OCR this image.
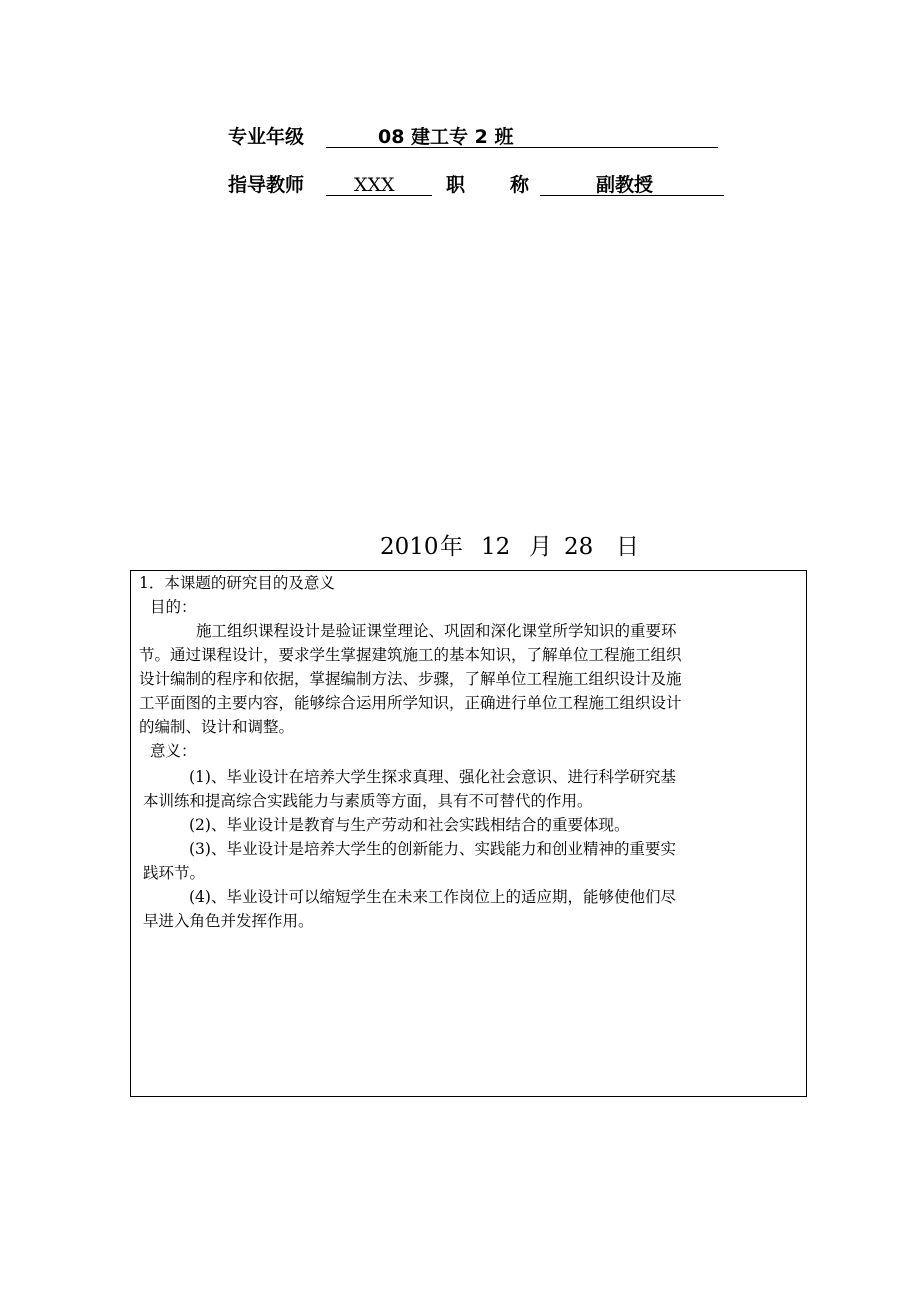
专业年级	08 建工专 2 班
指导教师	XXX	职 称	副教授
2010 年 12 月 28 日
1．本课题的研究目的及意义
目的：
施工组织课程设计是验证课堂理论、巩固和深化课堂所学知识的重要环
节。通过课程设计，要求学生掌握建筑施工的基本知识，了解单位工程施工组织
设计编制的程序和依据，掌握编制方法、步骤，了解单位工程施工组织设计及施
工平面图的主要内容，能够综合运用所学知识，正确进行单位工程施工组织设计
的编制、设计和调整。
意义：
(1)、毕业设计在培养大学生探求真理、强化社会意识、进行科学研究基
本训练和提高综合实践能力与素质等方面，具有不可替代的作用。
(2)、毕业设计是教育与生产劳动和社会实践相结合的重要体现。
(3)、毕业设计是培养大学生的创新能力、实践能力和创业精神的重要实
践环节。
(4)、毕业设计可以缩短学生在未来工作岗位上的适应期，能够使他们尽
早进入角色并发挥作用。
